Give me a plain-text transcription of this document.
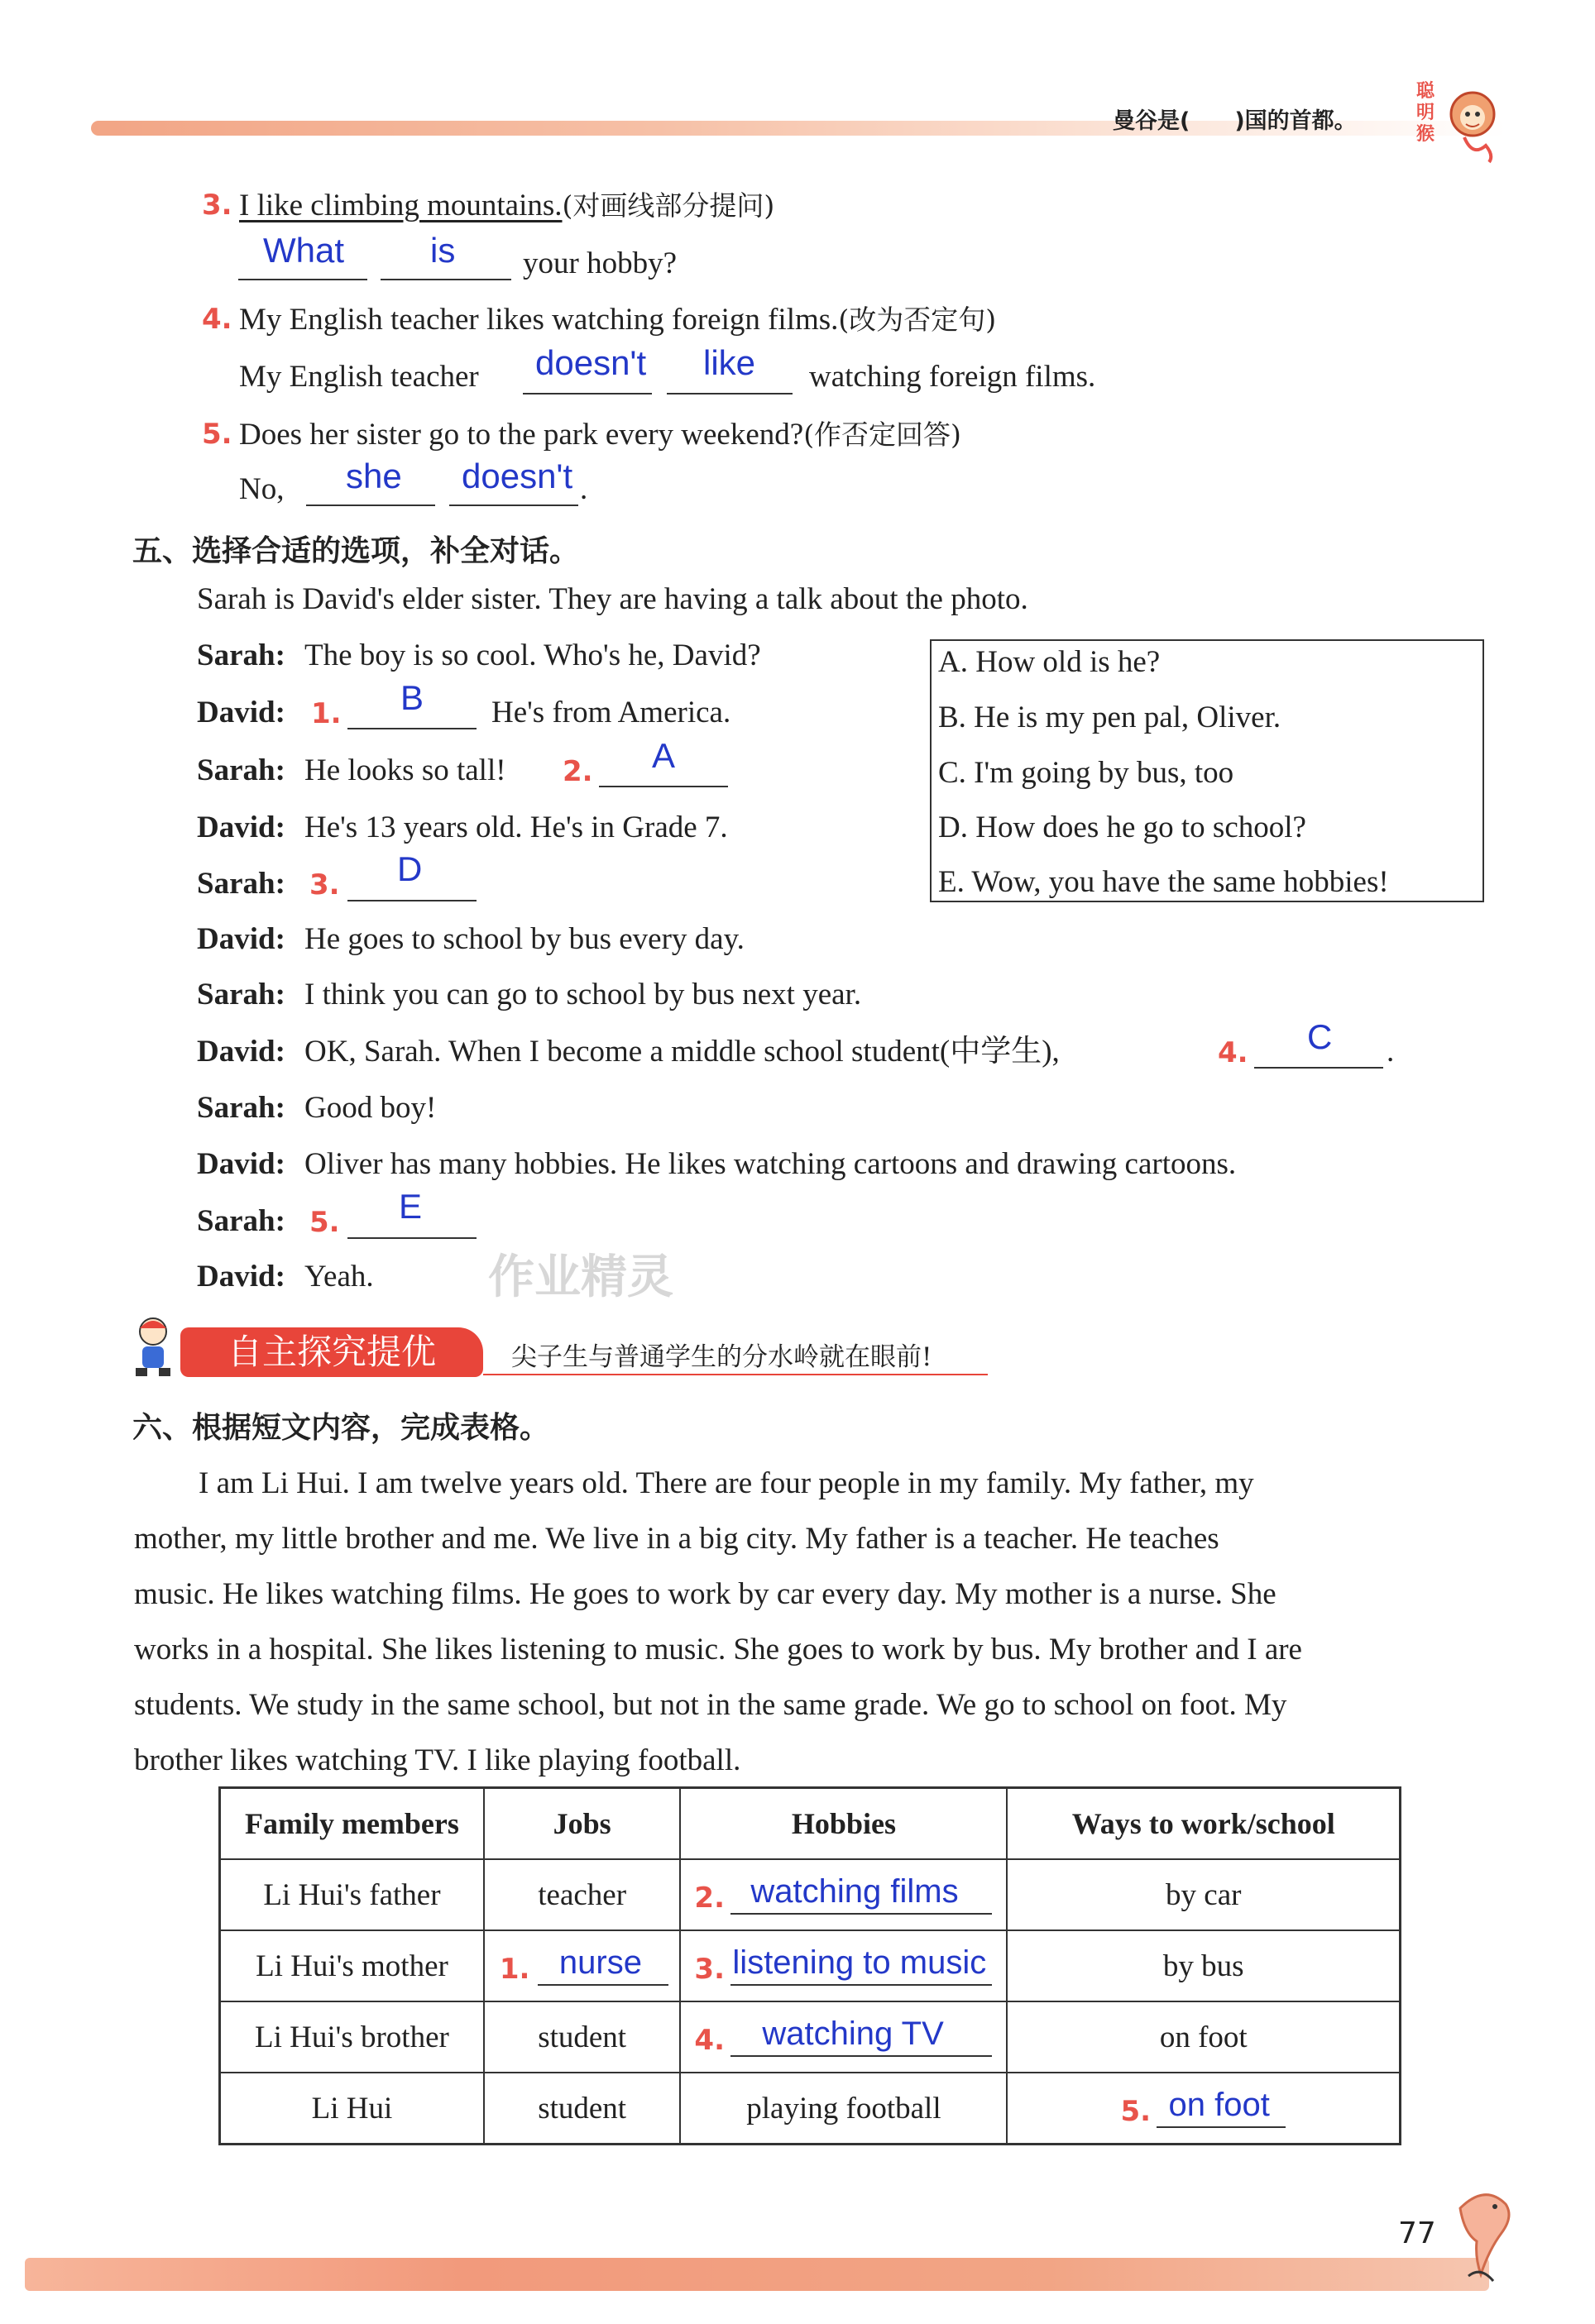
曼谷是(　　)国的首都。
聪明猴
3. I like climbing mountains.(对画线部分提问)
What is your hobby?
4. My English teacher likes watching foreign films.(改为否定句)
My English teacher doesn't like watching foreign films.
5. Does her sister go to the park every weekend?(作否定回答)
No, she doesn't .
五、选择合适的选项，补全对话。
Sarah is David's elder sister. They are having a talk about the photo.
Sarah: The boy is so cool. Who's he, David?
David: 1. B He's from America.
Sarah: He looks so tall! 2. A
David: He's 13 years old. He's in Grade 7.
Sarah: 3. D
David: He goes to school by bus every day.
Sarah: I think you can go to school by bus next year.
David: OK, Sarah. When I become a middle school student(中学生),	4. C .
Sarah: Good boy!
David: Oliver has many hobbies. He likes watching cartoons and drawing cartoons.
Sarah: 5. E
David: Yeah.
A. How old is he?
B. He is my pen pal, Oliver.
C. I'm going by bus, too
D. How does he go to school?
E. Wow, you have the same hobbies!
自主探究提优	尖子生与普通学生的分水岭就在眼前!
六、根据短文内容，完成表格。
I am Li Hui. I am twelve years old. There are four people in my family. My father, my
mother, my little brother and me. We live in a big city. My father is a teacher. He teaches
music. He likes watching films. He goes to work by car every day. My mother is a nurse. She
works in a hospital. She likes listening to music. She goes to work by bus. My brother and I are
students. We study in the same school, but not in the same grade. We go to school on foot. My
brother likes watching TV. I like playing football.
Family members	Jobs	Hobbies	Ways to work/school
Li Hui's father	teacher	2. watching films	by car
Li Hui's mother	1. nurse	3. listening to music	by bus
Li Hui's brother	student	4. watching TV	on foot
Li Hui	student	playing football	5. on foot
作业精灵
77
